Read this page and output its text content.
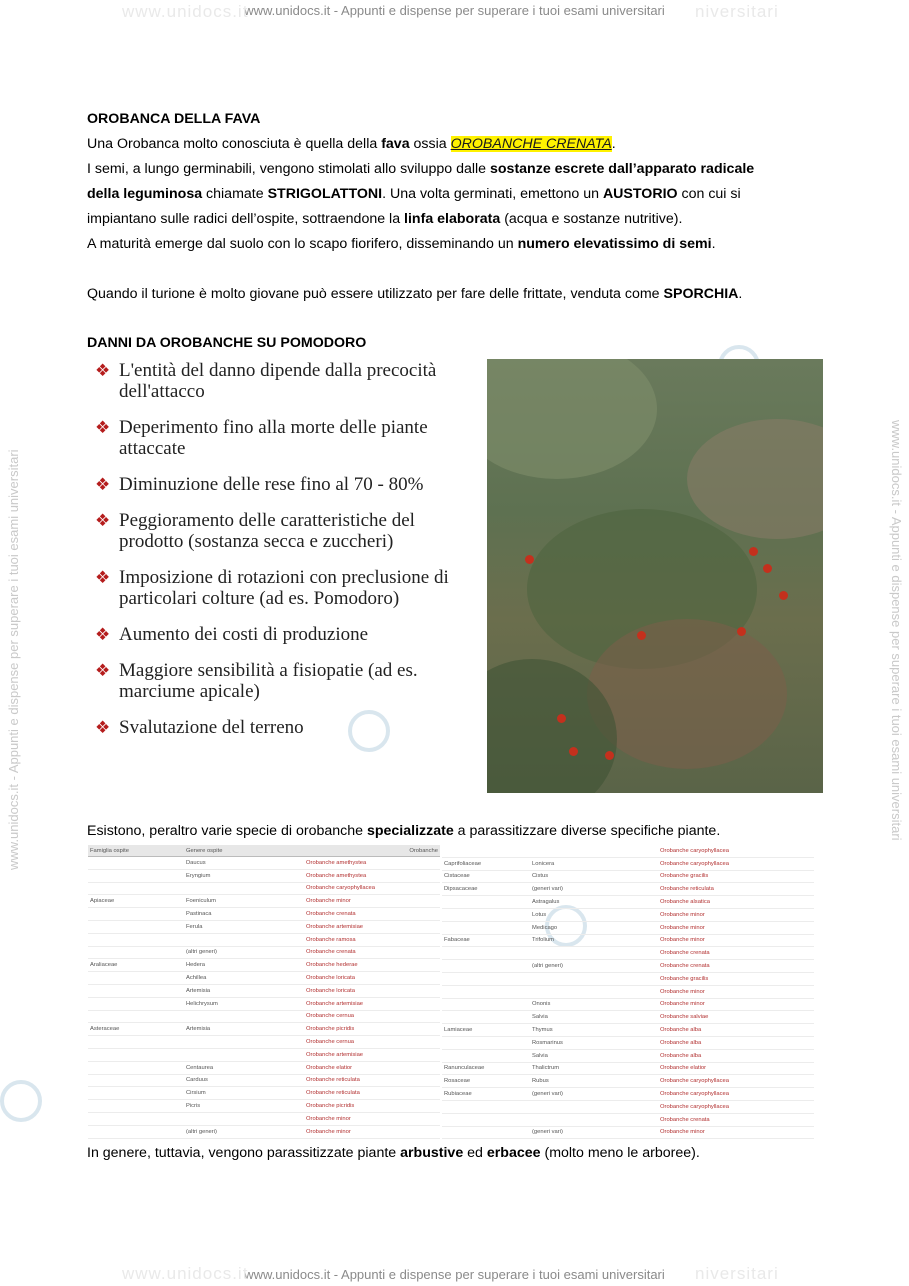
www.unidocs.it - Appunti e dispense per superare i tuoi esami universitari
www.unidocs.it	niversitari
www.unidocs.it - Appunti e dispense per superare i tuoi esami universitari
www.unidocs.it	niversitari
www.unidocs.it - Appunti e dispense per superare i tuoi esami universitari	www.unidocs.it - Appunti e dispense per superare i tuoi esami universitari

OROBANCA DELLA FAVA

Una Orobanca molto conosciuta è quella della fava ossia OROBANCHE CRENATA.

I semi, a lungo germinabili, vengono stimolati allo sviluppo dalle sostanze escrete dall’apparato radicale

della leguminosa chiamate STRIGOLATTONI. Una volta germinati, emettono un AUSTORIO con cui si

impiantano sulle radici dell’ospite, sottraendone la linfa elaborata (acqua e sostanze nutritive).

A maturità emerge dal suolo con lo scapo fiorifero, disseminando un numero elevatissimo di semi.

Quando il turione è molto giovane può essere utilizzato per fare delle frittate, venduta come SPORCHIA.

DANNI DA OROBANCHE SU POMODORO

❖ L'entità del danno dipende dalla precocità dell'attacco
❖ Deperimento fino alla morte delle piante attaccate
❖ Diminuzione delle rese fino al 70 - 80%
❖ Peggioramento delle caratteristiche del prodotto (sostanza secca e zuccheri)
❖ Imposizione di rotazioni con preclusione di particolari colture (ad es. Pomodoro)
❖ Aumento dei costi di produzione
❖ Maggiore sensibilità a fisiopatie (ad es. marciume apicale)
❖ Svalutazione del terreno

Esistono, peraltro varie specie di orobanche specializzate a parassitizzare diverse specifiche piante.

Famiglia ospite	Genere ospite	Orobanche
	Daucus	Orobanche amethystea
	Eryngium	Orobanche amethystea
		Orobanche caryophyllacea
Apiaceae	Foeniculum	Orobanche minor
	Pastinaca	Orobanche crenata
	Ferula	Orobanche artemisiae
		Orobanche ramosa
	(altri generi)	Orobanche crenata
Araliaceae	Hedera	Orobanche hederae
	Achillea	Orobanche loricata
	Artemisia	Orobanche loricata
	Helichrysum	Orobanche artemisiae
		Orobanche cernua
Asteraceae	Artemisia	Orobanche picridis
		Orobanche cernua
		Orobanche artemisiae
	Centaurea	Orobanche elatior
	Carduus	Orobanche reticulata
	Cirsium	Orobanche reticulata
	Picris	Orobanche picridis
		Orobanche minor
	(altri generi)	Orobanche minor

		Orobanche caryophyllacea
Caprifoliaceae	Lonicera	Orobanche caryophyllacea
Cistaceae	Cistus	Orobanche gracilis
Dipsacaceae	(generi vari)	Orobanche reticulata
	Astragalus	Orobanche alsatica
	Lotus	Orobanche minor
	Medicago	Orobanche minor
Fabaceae	Trifolium	Orobanche minor
		Orobanche crenata
	(altri generi)	Orobanche crenata
		Orobanche gracilis
		Orobanche minor
	Ononis	Orobanche minor
	Salvia	Orobanche salviae
Lamiaceae	Thymus	Orobanche alba
	Rosmarinus	Orobanche alba
	Salvia	Orobanche alba
Ranunculaceae	Thalictrum	Orobanche elatior
Rosaceae	Rubus	Orobanche caryophyllacea
Rubiaceae	(generi vari)	Orobanche caryophyllacea
		Orobanche caryophyllacea
		Orobanche crenata
	(generi vari)	Orobanche minor

In genere, tuttavia, vengono parassitizzate piante arbustive ed erbacee (molto meno le arboree).
